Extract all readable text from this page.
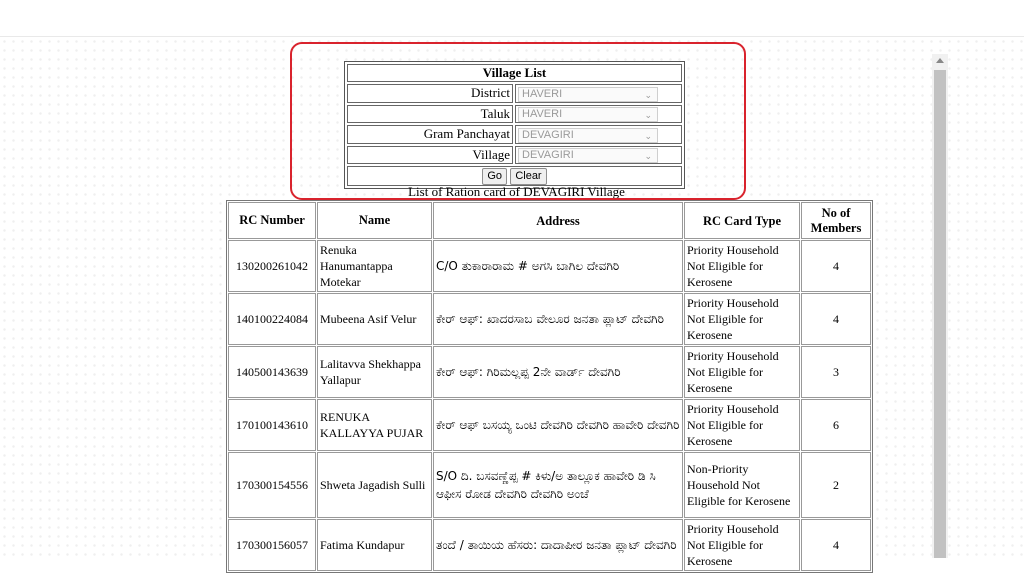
Village List	
District	HAVERI ⌄

Taluk	HAVERI ⌄

Gram Panchayat	DEVAGIRI ⌄

Village	DEVAGIRI ⌄

Go Clear	
List of Ration card of DEVAGIRI Village
RC Number	Name	Address	RC Card Type	No of Members
130200261042	Renuka Hanumantappa Motekar	C/O ತುಕಾರಾರಾಮ # ಅಗಸಿ ಬಾಗಿಲ ದೇವಗಿರಿ	Priority Household Not Eligible for Kerosene	4
140100224084	Mubeena Asif Velur	ಕೇರ್ ಆಫ್: ಖಾದರಸಾಬ ವೇಲೂರ ಜನತಾ ಪ್ಲಾಟ್ ದೇವಗಿರಿ	Priority Household Not Eligible for Kerosene	4
140500143639	Lalitavva Shekhappa Yallapur	ಕೇರ್ ಆಫ್: ಗಿರಿಮಲ್ಲಪ್ಪ 2ನೇ ವಾರ್ಡ್ ದೇವಗಿರಿ	Priority Household Not Eligible for Kerosene	3
170100143610	RENUKA KALLAYYA PUJAR	ಕೇರ್ ಆಫ್ ಬಸಯ್ಯ ಒಂಟಿ ದೇವಗಿರಿ ದೇವಗಿರಿ ಹಾವೇರಿ ದೇವಗಿರಿ	Priority Household Not Eligible for Kerosene	6
170300154556	Shweta Jagadish Sulli	S/O ದಿ. ಬಸವಣ್ಣೆಪ್ಪ # ಕಿಳು/ಅ ತಾಲ್ಲೂಕ ಹಾವೇರಿ ಡಿ ಸಿ ಆಫೀಸ ರೋಡ ದೇವಗಿರಿ ದೇವಗಿರಿ ಅಂಚೆ	Non-Priority Household Not Eligible for Kerosene	2
170300156057	Fatima Kundapur	ತಂದೆ / ತಾಯಿಯ ಹೆಸರು: ದಾದಾಪೀರ ಜನತಾ ಪ್ಲಾಟ್ ದೇವಗಿರಿ	Priority Household Not Eligible for Kerosene	4
